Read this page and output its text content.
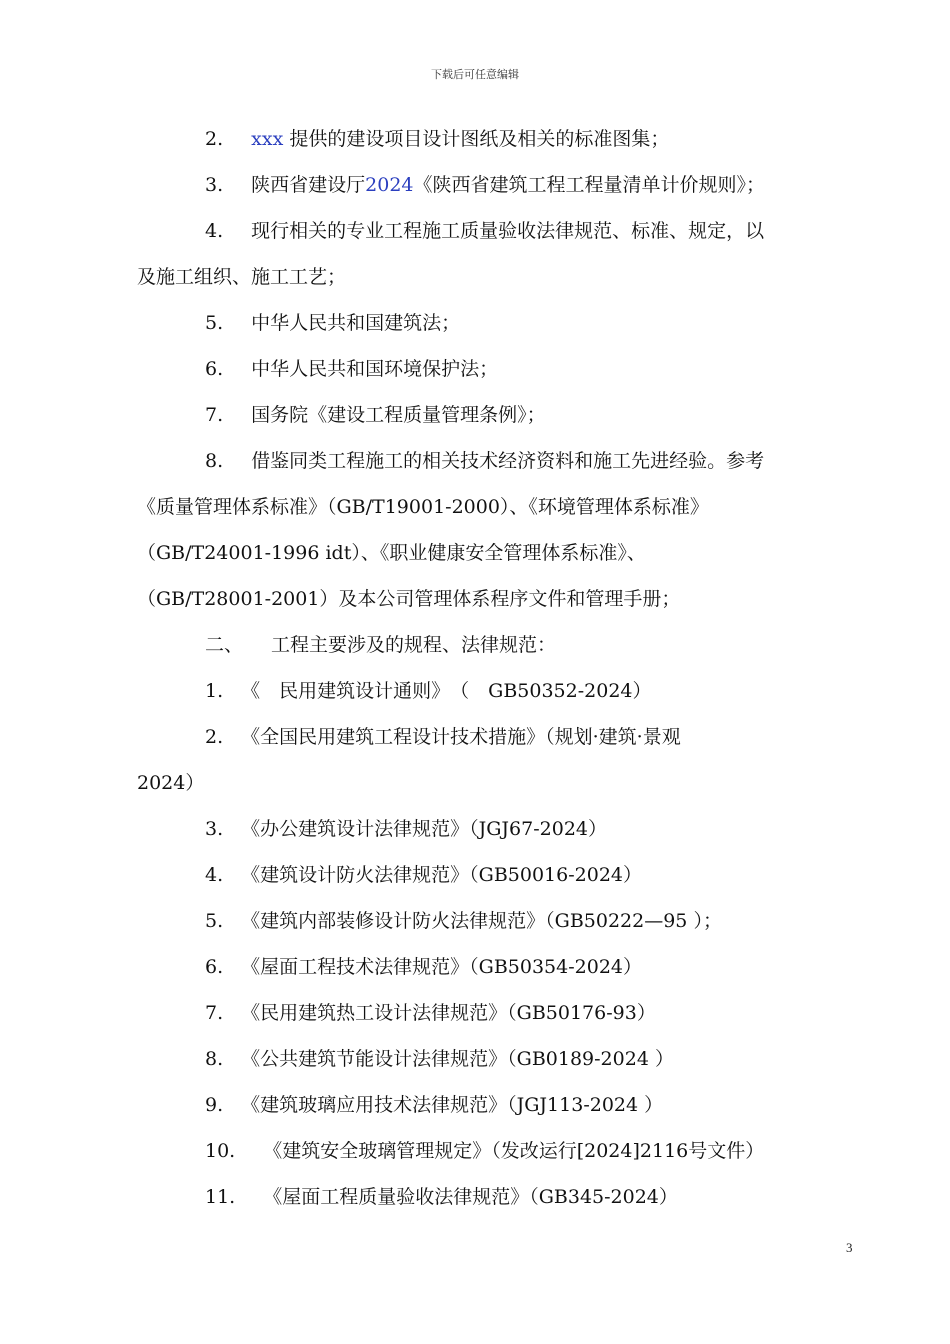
下载后可任意编辑
2. xxx 提供的建设项目设计图纸及相关的标准图集；
3. 陕西省建设厅2024《陕西省建筑工程工程量清单计价规则》；
4. 现行相关的专业工程施工质量验收法律规范、标准、规定，以
及施工组织、施工工艺；
5. 中华人民共和国建筑法；
6. 中华人民共和国环境保护法；
7. 国务院《建设工程质量管理条例》；
8. 借鉴同类工程施工的相关技术经济资料和施工先进经验。参考
《质量管理体系标准》（GB/T19001-2000）、《环境管理体系标准》
（GB/T24001-1996 idt）、《职业健康安全管理体系标准》、
（GB/T28001-2001）及本公司管理体系程序文件和管理手册；
二、 工程主要涉及的规程、法律规范：
1. 《　民用建筑设计通则》　（　GB50352-2024）
2. 《全国民用建筑工程设计技术措施》（规划·建筑·景观
2024）
3. 《办公建筑设计法律规范》（JGJ67-2024）
4. 《建筑设计防火法律规范》（GB50016-2024）
5. 《建筑内部装修设计防火法律规范》（GB50222—95 ）；
6. 《屋面工程技术法律规范》（GB50354-2024）
7. 《民用建筑热工设计法律规范》（GB50176-93）
8. 《公共建筑节能设计法律规范》（GB0189-2024 ）
9. 《建筑玻璃应用技术法律规范》（JGJ113-2024 ）
10. 《建筑安全玻璃管理规定》（发改运行[2024]2116号文件）
11. 《屋面工程质量验收法律规范》（GB345-2024）
3
